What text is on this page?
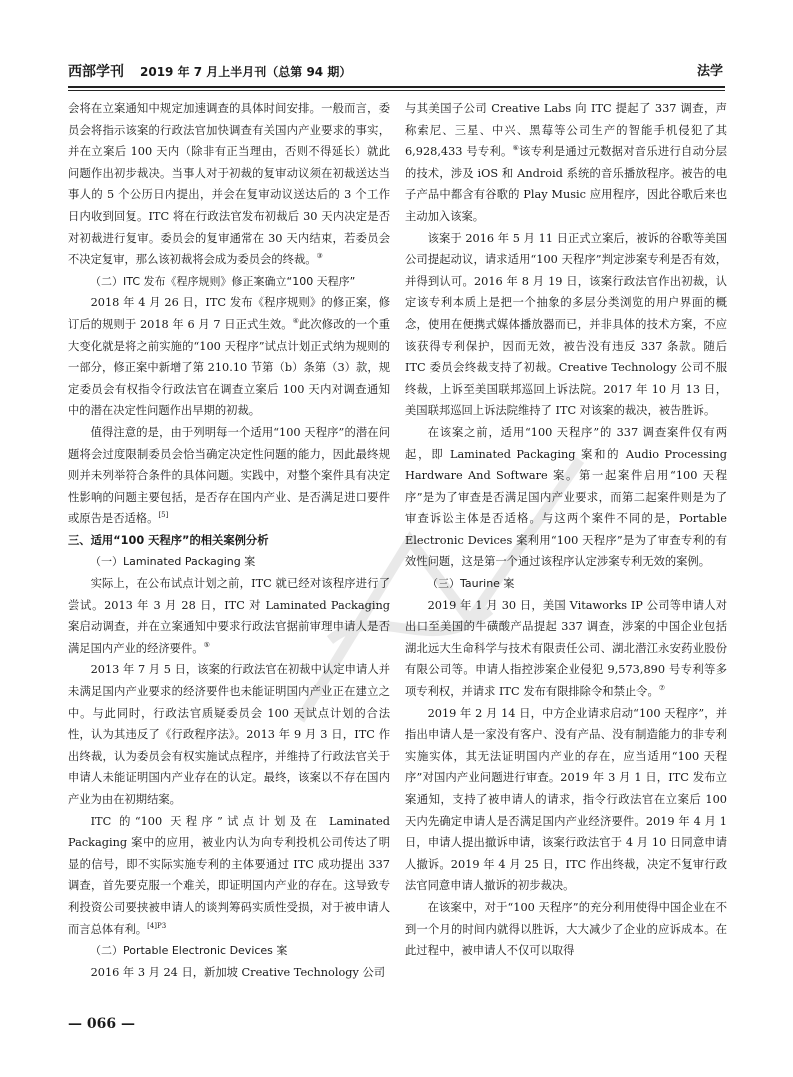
西部学刊 2019 年 7 月上半月刊（总第 94 期）	法学

会将在立案通知中规定加速调查的具体时间安排。一般而言，委员会将指示该案的行政法官加快调查有关国内产业要求的事实，并在立案后 100 天内（除非有正当理由，否则不得延长）就此问题作出初步裁决。当事人对于初裁的复审动议须在初裁送达当事人的 5 个公历日内提出，并会在复审动议送达后的 3 个工作日内收到回复。ITC 将在行政法官发布初裁后 30 天内决定是否对初裁进行复审。委员会的复审通常在 30 天内结束，若委员会不决定复审，那么该初裁将会成为委员会的终裁。③

（二）ITC 发布《程序规则》修正案确立“100 天程序”

2018 年 4 月 26 日，ITC 发布《程序规则》的修正案，修订后的规则于 2018 年 6 月 7 日正式生效。④此次修改的一个重大变化就是将之前实施的“100 天程序”试点计划正式纳为规则的一部分，修正案中新增了第 210.10 节第（b）条第（3）款，规定委员会有权指令行政法官在调查立案后 100 天内对调查通知中的潜在决定性问题作出早期的初裁。

值得注意的是，由于列明每一个适用“100 天程序”的潜在问题将会过度限制委员会恰当确定决定性问题的能力，因此最终规则并未列举符合条件的具体问题。实践中，对整个案件具有决定性影响的问题主要包括，是否存在国内产业、是否满足进口要件或原告是否适格。[5]

三、适用“100 天程序”的相关案例分析

（一）Laminated Packaging 案

实际上，在公布试点计划之前，ITC 就已经对该程序进行了尝试。2013 年 3 月 28 日，ITC 对 Laminated Packaging 案启动调查，并在立案通知中要求行政法官据前审理申请人是否满足国内产业的经济要件。⑤

2013 年 7 月 5 日，该案的行政法官在初裁中认定申请人并未满足国内产业要求的经济要件也未能证明国内产业正在建立之中。与此同时，行政法官质疑委员会 100 天试点计划的合法性，认为其违反了《行政程序法》。2013 年 9 月 3 日，ITC 作出终裁，认为委员会有权实施试点程序，并维持了行政法官关于申请人未能证明国内产业存在的认定。最终，该案以不存在国内产业为由在初期结案。

ITC 的“100 天程序”试点计划及在 Laminated Packaging 案中的应用，被业内认为向专利投机公司传达了明显的信号，即不实际实施专利的主体要通过 ITC 成功提出 337 调查，首先要克服一个难关，即证明国内产业的存在。这导致专利投资公司要挟被申请人的谈判筹码实质性受损，对于被申请人而言总体有利。$^{[4]P3}$

（二）Portable Electronic Devices 案

2016 年 3 月 24 日，新加坡 Creative Technology 公司

与其美国子公司 Creative Labs 向 ITC 提起了 337 调查，声称索尼、三星、中兴、黑莓等公司生产的智能手机侵犯了其 6,928,433 号专利。⑥该专利是通过元数据对音乐进行自动分层的技术，涉及 iOS 和 Android 系统的音乐播放程序。被告的电子产品中都含有谷歌的 Play Music 应用程序，因此谷歌后来也主动加入该案。

该案于 2016 年 5 月 11 日正式立案后，被诉的谷歌等美国公司提起动议，请求适用“100 天程序”判定涉案专利是否有效，并得到认可。2016 年 8 月 19 日，该案行政法官作出初裁，认定该专利本质上是把一个抽象的多层分类浏览的用户界面的概念，使用在便携式媒体播放器而已，并非具体的技术方案，不应该获得专利保护，因而无效，被告没有违反 337 条款。随后 ITC 委员会终裁支持了初裁。Creative Technology 公司不服终裁，上诉至美国联邦巡回上诉法院。2017 年 10 月 13 日，美国联邦巡回上诉法院维持了 ITC 对该案的裁决，被告胜诉。

在该案之前，适用“100 天程序”的 337 调查案件仅有两起，即 Laminated Packaging 案和的 Audio Processing Hardware And Software 案。第一起案件启用“100 天程序”是为了审查是否满足国内产业要求，而第二起案件则是为了审查诉讼主体是否适格。与这两个案件不同的是，Portable Electronic Devices 案利用“100 天程序”是为了审查专利的有效性问题，这是第一个通过该程序认定涉案专利无效的案例。

（三）Taurine 案

2019 年 1 月 30 日，美国 Vitaworks IP 公司等申请人对出口至美国的牛磺酸产品提起 337 调查，涉案的中国企业包括湖北远大生命科学与技术有限责任公司、湖北潜江永安药业股份有限公司等。申请人指控涉案企业侵犯 9,573,890 号专利等多项专利权，并请求 ITC 发布有限排除令和禁止令。⑦

2019 年 2 月 14 日，中方企业请求启动“100 天程序”，并指出申请人是一家没有客户、没有产品、没有制造能力的非专利实施实体，其无法证明国内产业的存在，应当适用“100 天程序”对国内产业问题进行审查。2019 年 3 月 1 日，ITC 发布立案通知，支持了被申请人的请求，指令行政法官在立案后 100 天内先确定申请人是否满足国内产业经济要件。2019 年 4 月 1 日，申请人提出撤诉申请，该案行政法官于 4 月 10 日同意申请人撤诉。2019 年 4 月 25 日，ITC 作出终裁，决定不复审行政法官同意申请人撤诉的初步裁决。

在该案中，对于“100 天程序”的充分利用使得中国企业在不到一个月的时间内就得以胜诉，大大减少了企业的应诉成本。在此过程中，被申请人不仅可以取得

— 066 —
